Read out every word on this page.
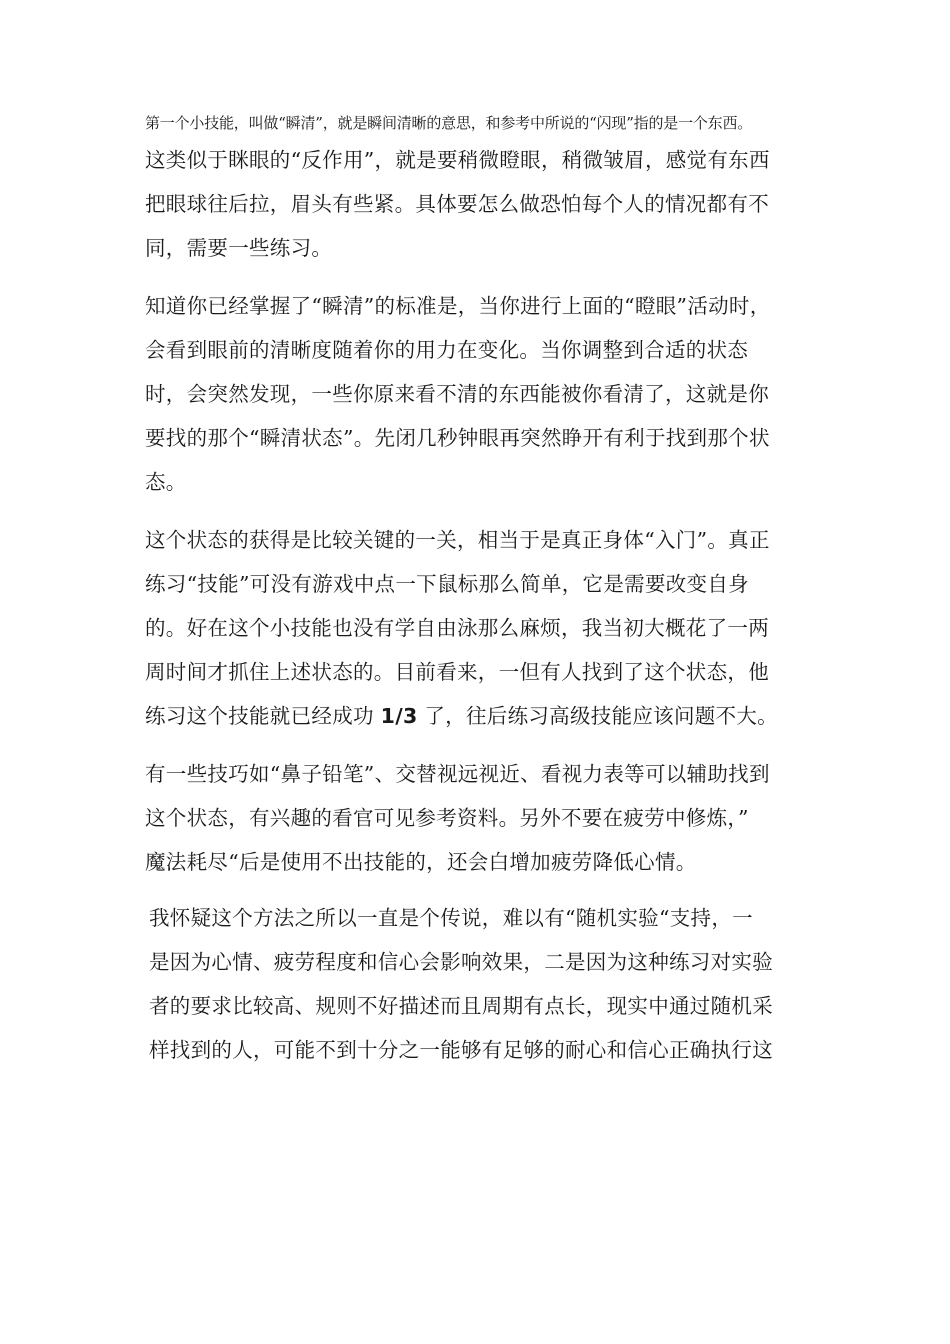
第一个小技能，叫做“瞬清”，就是瞬间清晰的意思，和参考中所说的“闪现”指的是一个东西。

这类似于眯眼的“反作用”，就是要稍微瞪眼，稍微皱眉，感觉有东西
把眼球往后拉，眉头有些紧。具体要怎么做恐怕每个人的情况都有不
同，需要一些练习。

知道你已经掌握了“瞬清”的标准是，当你进行上面的“瞪眼”活动时，
会看到眼前的清晰度随着你的用力在变化。当你调整到合适的状态
时，会突然发现，一些你原来看不清的东西能被你看清了，这就是你
要找的那个“瞬清状态”。先闭几秒钟眼再突然睁开有利于找到那个状
态。

这个状态的获得是比较关键的一关，相当于是真正身体“入门”。真正
练习“技能”可没有游戏中点一下鼠标那么简单，它是需要改变自身
的。好在这个小技能也没有学自由泳那么麻烦，我当初大概花了一两
周时间才抓住上述状态的。目前看来，一但有人找到了这个状态，他
练习这个技能就已经成功 1/3 了，往后练习高级技能应该问题不大。

有一些技巧如“鼻子铅笔”、交替视远视近、看视力表等可以辅助找到
这个状态，有兴趣的看官可见参考资料。另外不要在疲劳中修炼，”
魔法耗尽“后是使用不出技能的，还会白增加疲劳降低心情。

我怀疑这个方法之所以一直是个传说，难以有“随机实验“支持，一
是因为心情、疲劳程度和信心会影响效果，二是因为这种练习对实验
者的要求比较高、规则不好描述而且周期有点长，现实中通过随机采
样找到的人，可能不到十分之一能够有足够的耐心和信心正确执行这
